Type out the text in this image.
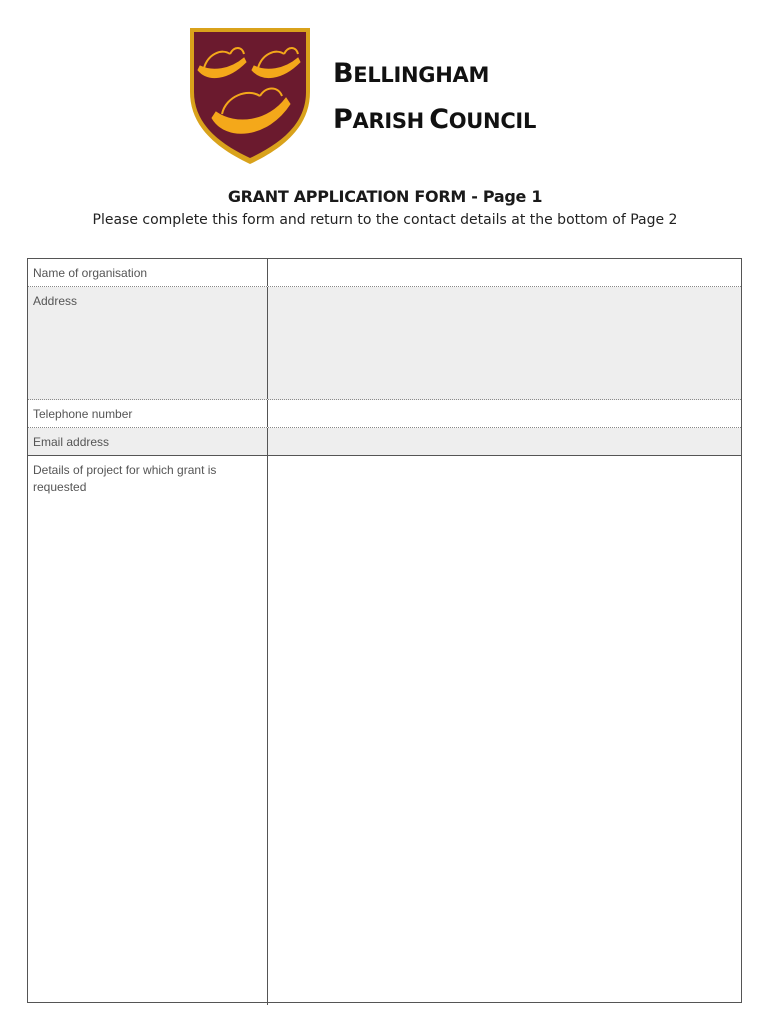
BELLINGHAM
PARISH COUNCIL
GRANT APPLICATION FORM - Page 1
Please complete this form and return to the contact details at the bottom of Page 2
Name of organisation
Address
Telephone number
Email address
Details of project for which grant is requested
